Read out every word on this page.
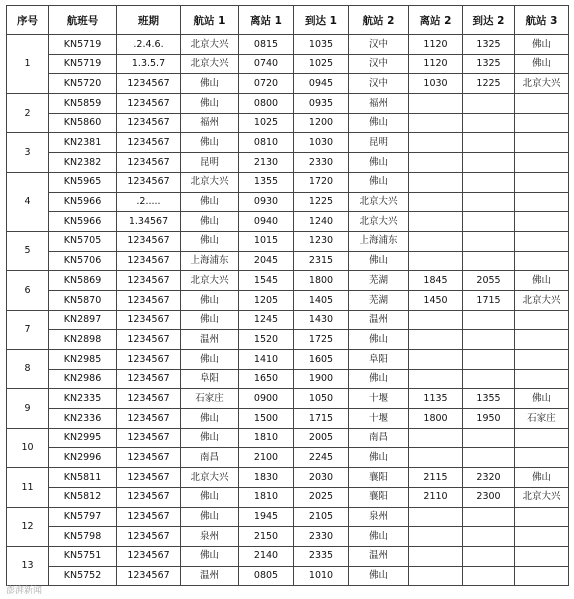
序号	航班号	班期	航站 1	离站 1	到达 1	航站 2	离站 2	到达 2	航站 3
1	KN5719	.2.4.6.	北京大兴	0815	1035	汉中	1120	1325	佛山
	KN5719	1.3.5.7	北京大兴	0740	1025	汉中	1120	1325	佛山
	KN5720	1234567	佛山	0720	0945	汉中	1030	1225	北京大兴
2	KN5859	1234567	佛山	0800	0935	福州			
	KN5860	1234567	福州	1025	1200	佛山			
3	KN2381	1234567	佛山	0810	1030	昆明			
	KN2382	1234567	昆明	2130	2330	佛山			
4	KN5965	1234567	北京大兴	1355	1720	佛山			
	KN5966	.2.....	佛山	0930	1225	北京大兴			
	KN5966	1.34567	佛山	0940	1240	北京大兴			
5	KN5705	1234567	佛山	1015	1230	上海浦东			
	KN5706	1234567	上海浦东	2045	2315	佛山			
6	KN5869	1234567	北京大兴	1545	1800	芜湖	1845	2055	佛山
	KN5870	1234567	佛山	1205	1405	芜湖	1450	1715	北京大兴
7	KN2897	1234567	佛山	1245	1430	温州			
	KN2898	1234567	温州	1520	1725	佛山			
8	KN2985	1234567	佛山	1410	1605	阜阳			
	KN2986	1234567	阜阳	1650	1900	佛山			
9	KN2335	1234567	石家庄	0900	1050	十堰	1135	1355	佛山
	KN2336	1234567	佛山	1500	1715	十堰	1800	1950	石家庄
10	KN2995	1234567	佛山	1810	2005	南昌			
	KN2996	1234567	南昌	2100	2245	佛山			
11	KN5811	1234567	北京大兴	1830	2030	襄阳	2115	2320	佛山
	KN5812	1234567	佛山	1810	2025	襄阳	2110	2300	北京大兴
12	KN5797	1234567	佛山	1945	2105	泉州			
	KN5798	1234567	泉州	2150	2330	佛山			
13	KN5751	1234567	佛山	2140	2335	温州			
	KN5752	1234567	温州	0805	1010	佛山			
澎湃新闻
